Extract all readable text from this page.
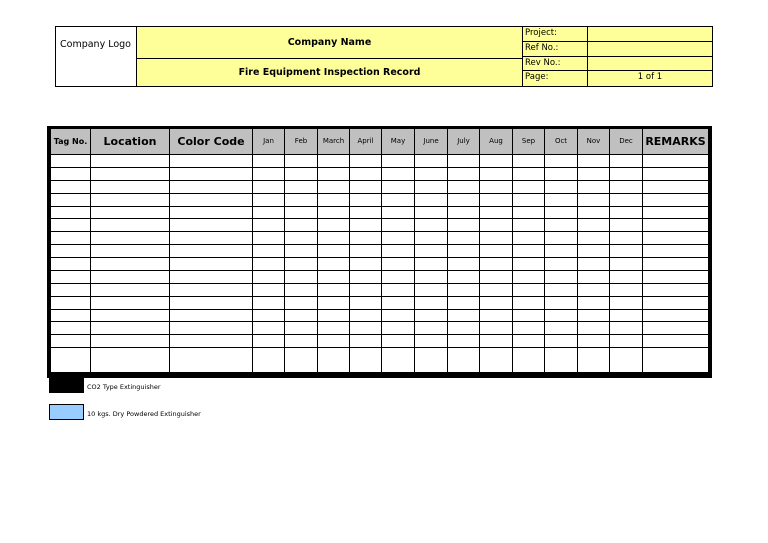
Company Logo	Company Name
Fire Equipment Inspection Record
Project:
Ref No.:
Rev No.:
Page:	1 of 1
Tag No.	Location	Color Code	Jan	Feb	March	April	May	June	July	Aug	Sep	Oct	Nov	Dec	REMARKS

CO2 Type Extinguisher
10 kgs. Dry Powdered Extinguisher
